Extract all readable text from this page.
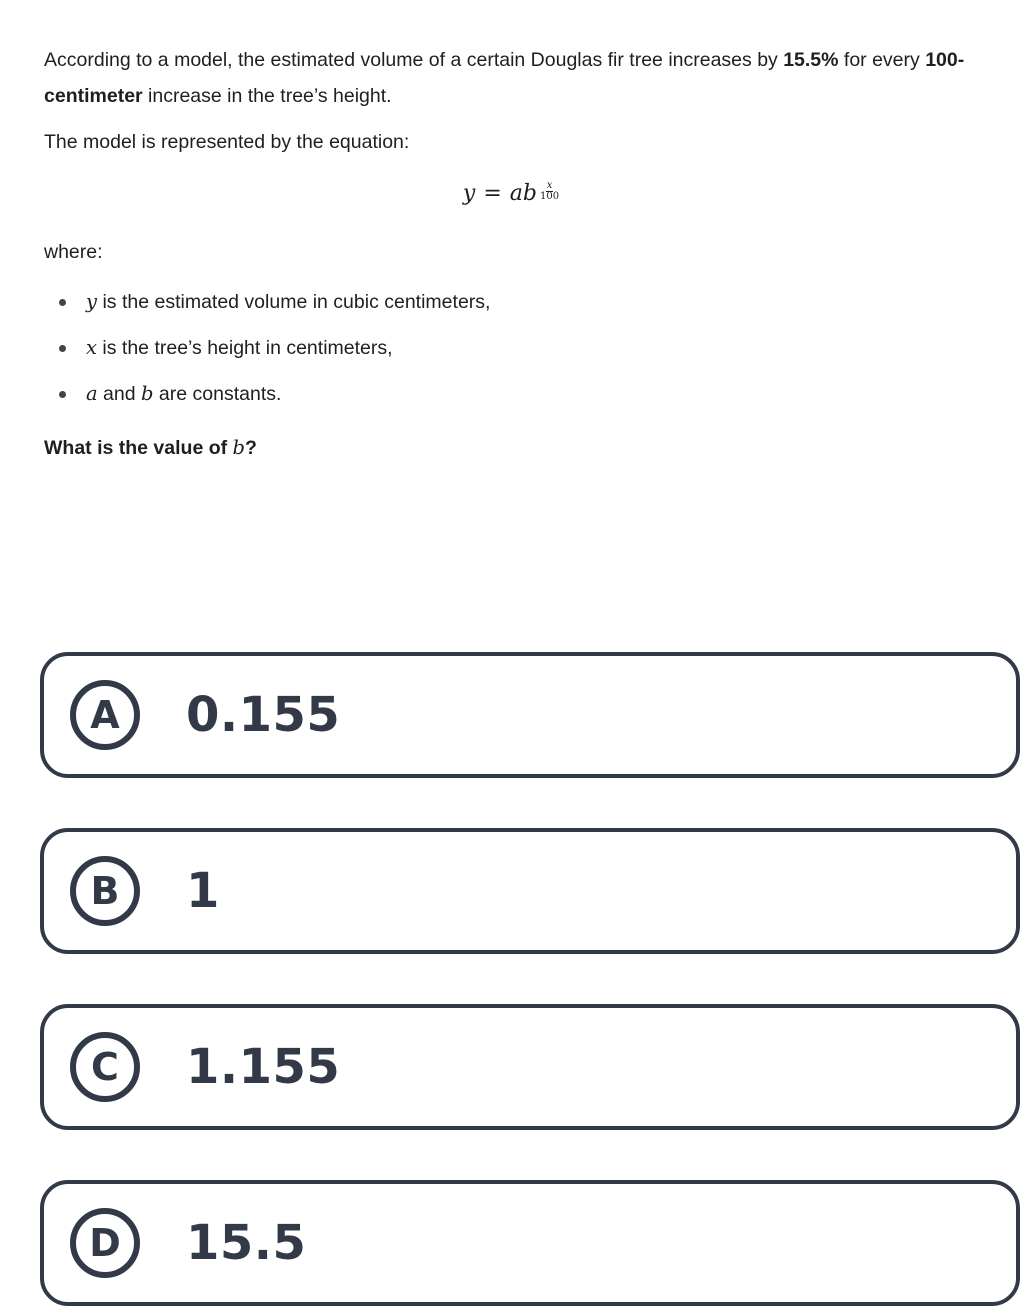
According to a model, the estimated volume of a certain Douglas fir tree increases by 15.5% for every 100-centimeter increase in the tree’s height.

The model is represented by the equation:

y = ab $\frac{x}{100}$

where:

y is the estimated volume in cubic centimeters,
x is the tree’s height in centimeters,
a and b are constants.

What is the value of b?

A	0.155
B	1
C	1.155
D	15.5
